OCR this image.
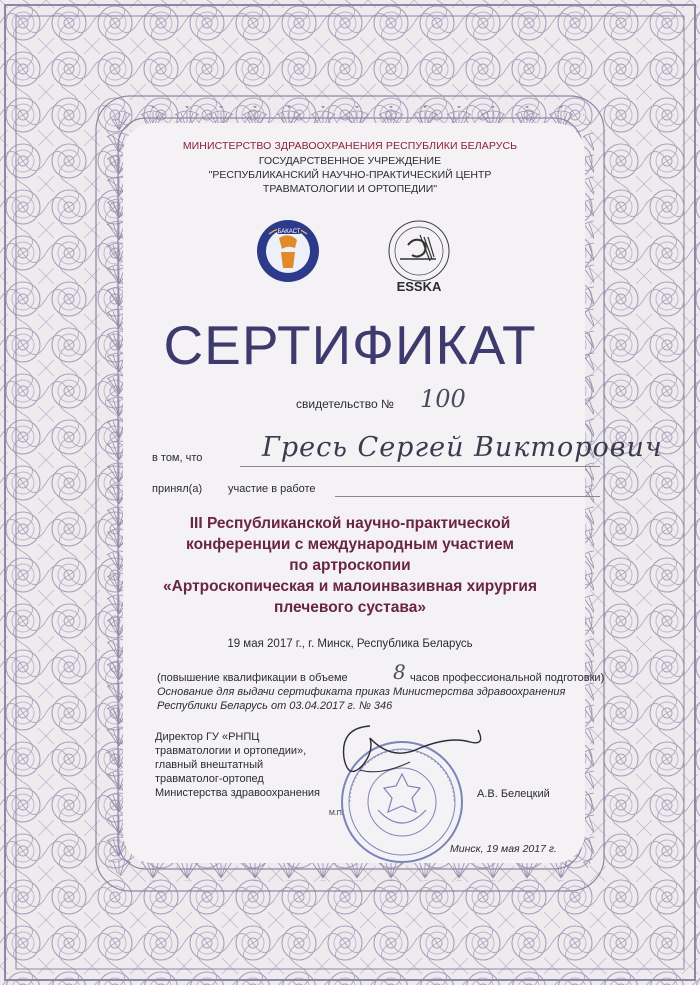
МИНИСТЕРСТВО ЗДРАВООХРАНЕНИЯ РЕСПУБЛИКИ БЕЛАРУСЬ
ГОСУДАРСТВЕННОЕ УЧРЕЖДЕНИЕ
"РЕСПУБЛИКАНСКИЙ НАУЧНО-ПРАКТИЧЕСКИЙ ЦЕНТР
ТРАВМАТОЛОГИИ И ОРТОПЕДИИ"
БАКАСТ
ESSKA
СЕРТИФИКАТ
свидетельство № 100
в том, что Гресь Сергей Викторович
принял(а) участие в работе
III Республиканской научно-практической
конференции с международным участием
по артроскопии
«Артроскопическая и малоинвазивная хирургия
плечевого сустава»
19 мая 2017 г., г. Минск, Республика Беларусь
(повышение квалификации в объеме 8 часов профессиональной подготовки)
Основание для выдачи сертификата приказ Министерства здравоохранения
Республики Беларусь от 03.04.2017 г. № 346
Директор ГУ «РНПЦ
травматологии и ортопедии»,
главный внештатный
травматолог-ортопед
Министерства здравоохранения	А.В. Белецкий
М.П.
Минск, 19 мая 2017 г.
